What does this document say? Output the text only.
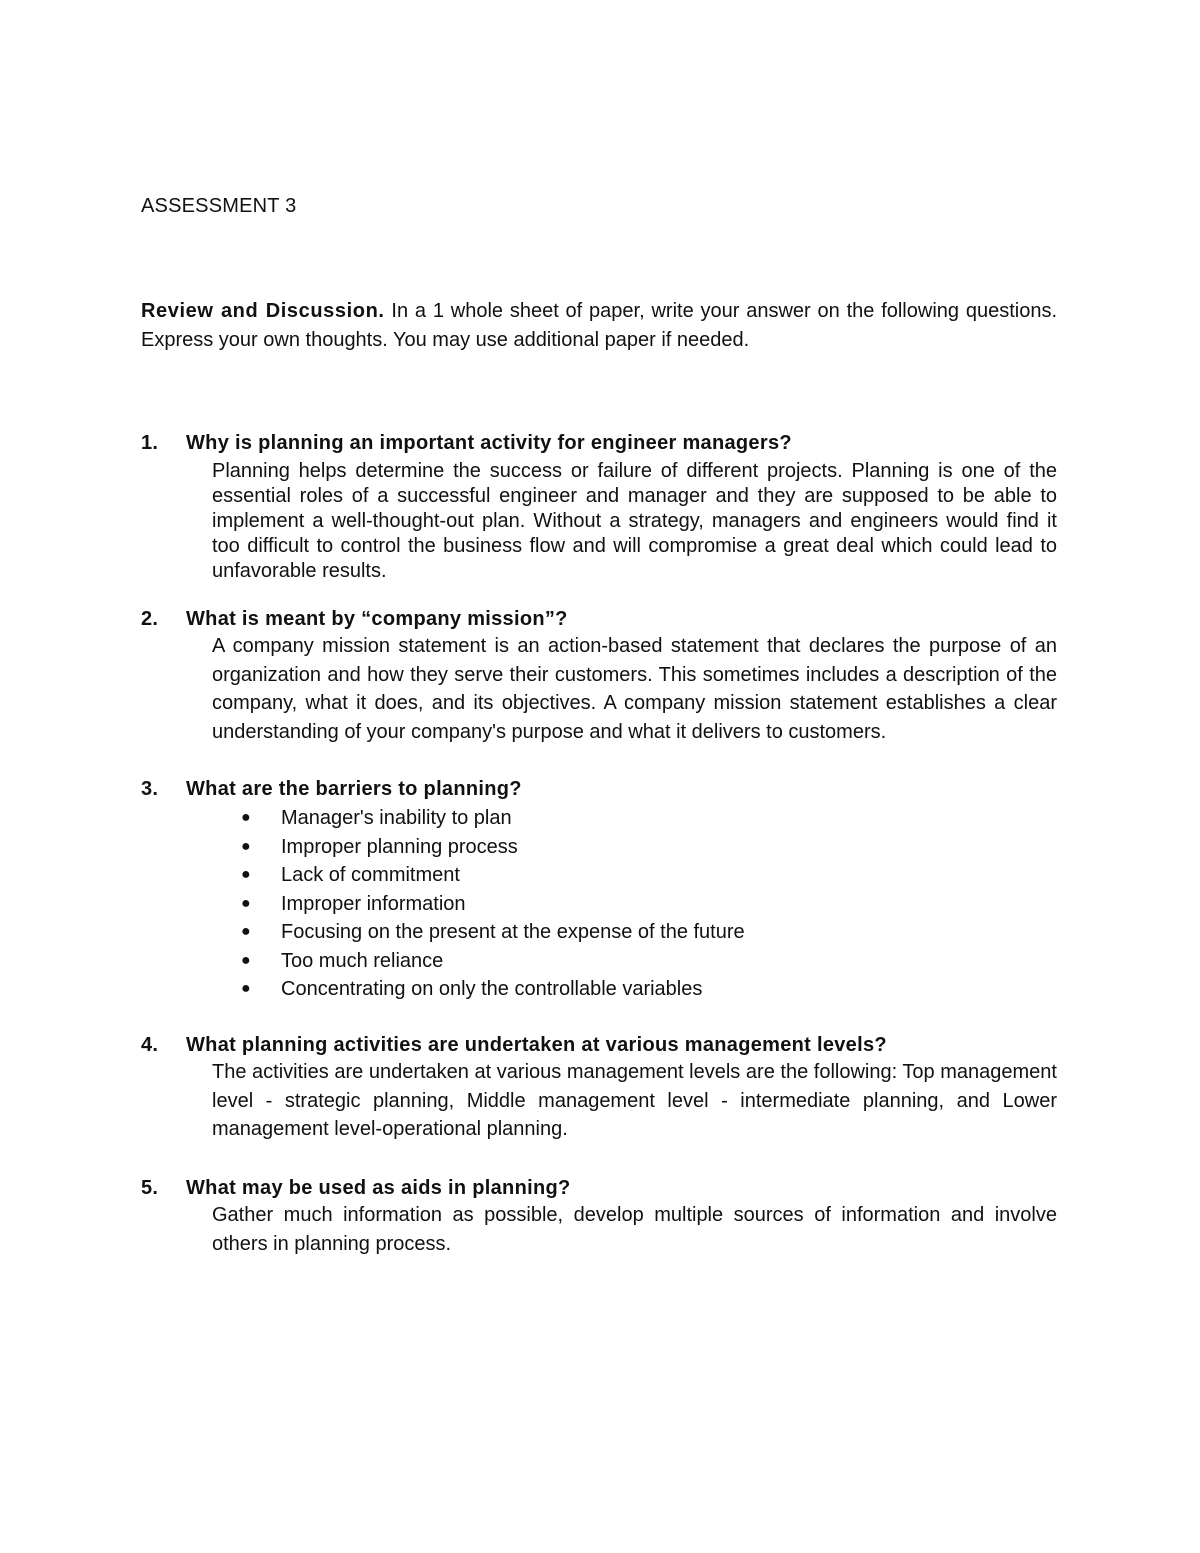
ASSESSMENT 3
Review and Discussion. In a 1 whole sheet of paper, write your answer on the following questions. Express your own thoughts. You may use additional paper if needed.
1.	Why is planning an important activity for engineer managers?
Planning helps determine the success or failure of different projects. Planning is one of the essential roles of a successful engineer and manager and they are supposed to be able to implement a well-thought-out plan. Without a strategy, managers and engineers would find it too difficult to control the business flow and will compromise a great deal which could lead to unfavorable results.
2.	What is meant by “company mission”?
A company mission statement is an action-based statement that declares the purpose of an organization and how they serve their customers. This sometimes includes a description of the company, what it does, and its objectives. A company mission statement establishes a clear understanding of your company's purpose and what it delivers to customers.
3.	What are the barriers to planning?
●	Manager's inability to plan
●	Improper planning process
●	Lack of commitment
●	Improper information
●	Focusing on the present at the expense of the future
●	Too much reliance
●	Concentrating on only the controllable variables
4.	What planning activities are undertaken at various management levels?
The activities are undertaken at various management levels are the following: Top management level - strategic planning, Middle management level - intermediate planning, and Lower management level-operational planning.
5.	What may be used as aids in planning?
Gather much information as possible, develop multiple sources of information and involve others in planning process.
